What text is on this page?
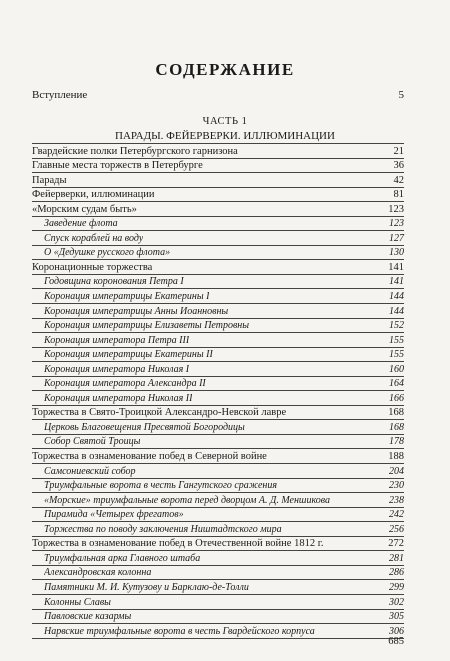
СОДЕРЖАНИЕ
Вступление	5
ЧАСТЬ 1
ПАРАДЫ. ФЕЙЕРВЕРКИ. ИЛЛЮМИНАЦИИ
Гвардейские полки Петербургского гарнизона	21
Главные места торжеств в Петербурге	36
Парады	42
Фейерверки, иллюминации	81
«Морским судам быть»	123
Заведение флота	123
Спуск кораблей на воду	127
О «Дедушке русского флота»	130
Коронационные торжества	141
Годовщина коронования Петра I	141
Коронация императрицы Екатерины I	144
Коронация императрицы Анны Иоанновны	144
Коронация императрицы Елизаветы Петровны	152
Коронация императора Петра III	155
Коронация императрицы Екатерины II	155
Коронация императора Николая I	160
Коронация императора Александра II	164
Коронация императора Николая II	166
Торжества в Свято-Троицкой Александро-Невской лавре	168
Церковь Благовещения Пресвятой Богородицы	168
Собор Святой Троицы	178
Торжества в ознаменование побед в Северной войне	188
Самсониевский собор	204
Триумфальные ворота в честь Гангутского сражения	230
«Морские» триумфальные ворота перед дворцом А. Д. Меншикова	238
Пирамида «Четырех фрегатов»	242
Торжества по поводу заключения Ништадтского мира	256
Торжества в ознаменование побед в Отечественной войне 1812 г.	272
Триумфальная арка Главного штаба	281
Александровская колонна	286
Памятники М. И. Кутузову и Барклаю-де-Толли	299
Колонны Славы	302
Павловские казармы	305
Нарвские триумфальные ворота в честь Гвардейского корпуса	306
685
